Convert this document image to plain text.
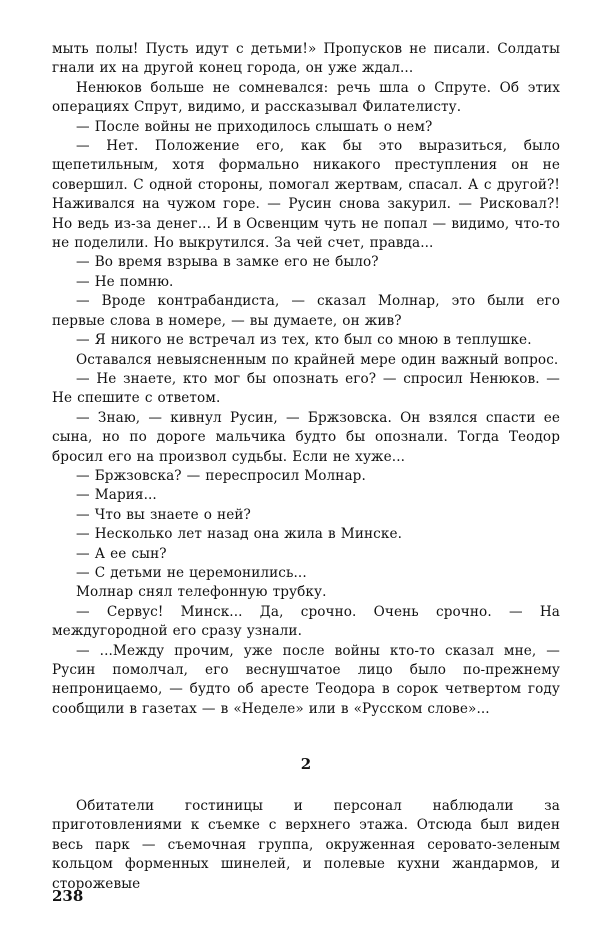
мыть полы! Пусть идут с детьми!» Пропусков не писали. Солдаты гнали их на другой конец города, он уже ждал...

Ненюков больше не сомневался: речь шла о Спруте. Об этих операциях Спрут, видимо, и рассказывал Филателисту.

— После войны не приходилось слышать о нем?

— Нет. Положение его, как бы это выразиться, было щепетильным, хотя формально никакого преступления он не совершил. С одной стороны, помогал жертвам, спасал. А с другой?! Наживался на чужом горе. — Русин снова закурил. — Рисковал?! Но ведь из-за денег... И в Освенцим чуть не попал — видимо, что-то не поделили. Но выкрутился. За чей счет, правда...

— Во время взрыва в замке его не было?

— Не помню.

— Вроде контрабандиста, — сказал Молнар, это были его первые слова в номере, — вы думаете, он жив?

— Я никого не встречал из тех, кто был со мною в теплушке.

Оставался невыясненным по крайней мере один важный вопрос.

— Не знаете, кто мог бы опознать его? — спросил Ненюков. — Не спешите с ответом.

— Знаю, — кивнул Русин, — Бржзовска. Он взялся спасти ее сына, но по дороге мальчика будто бы опознали. Тогда Теодор бросил его на произвол судьбы. Если не хуже...

— Бржзовска? — переспросил Молнар.

— Мария...

— Что вы знаете о ней?

— Несколько лет назад она жила в Минске.

— А ее сын?

— С детьми не церемонились...

Молнар снял телефонную трубку.

— Сервус! Минск... Да, срочно. Очень срочно. — На междугородной его сразу узнали.

— ...Между прочим, уже после войны кто-то сказал мне, — Русин помолчал, его веснушчатое лицо было по-прежнему непроницаемо, — будто об аресте Теодора в сорок четвертом году сообщили в газетах — в «Неделе» или в «Русском слове»...

2

Обитатели гостиницы и персонал наблюдали за приготовлениями к съемке с верхнего этажа. Отсюда был виден весь парк — съемочная группа, окруженная серовато-зеленым кольцом форменных шинелей, и полевые кухни жандармов, и сторожевые

238
